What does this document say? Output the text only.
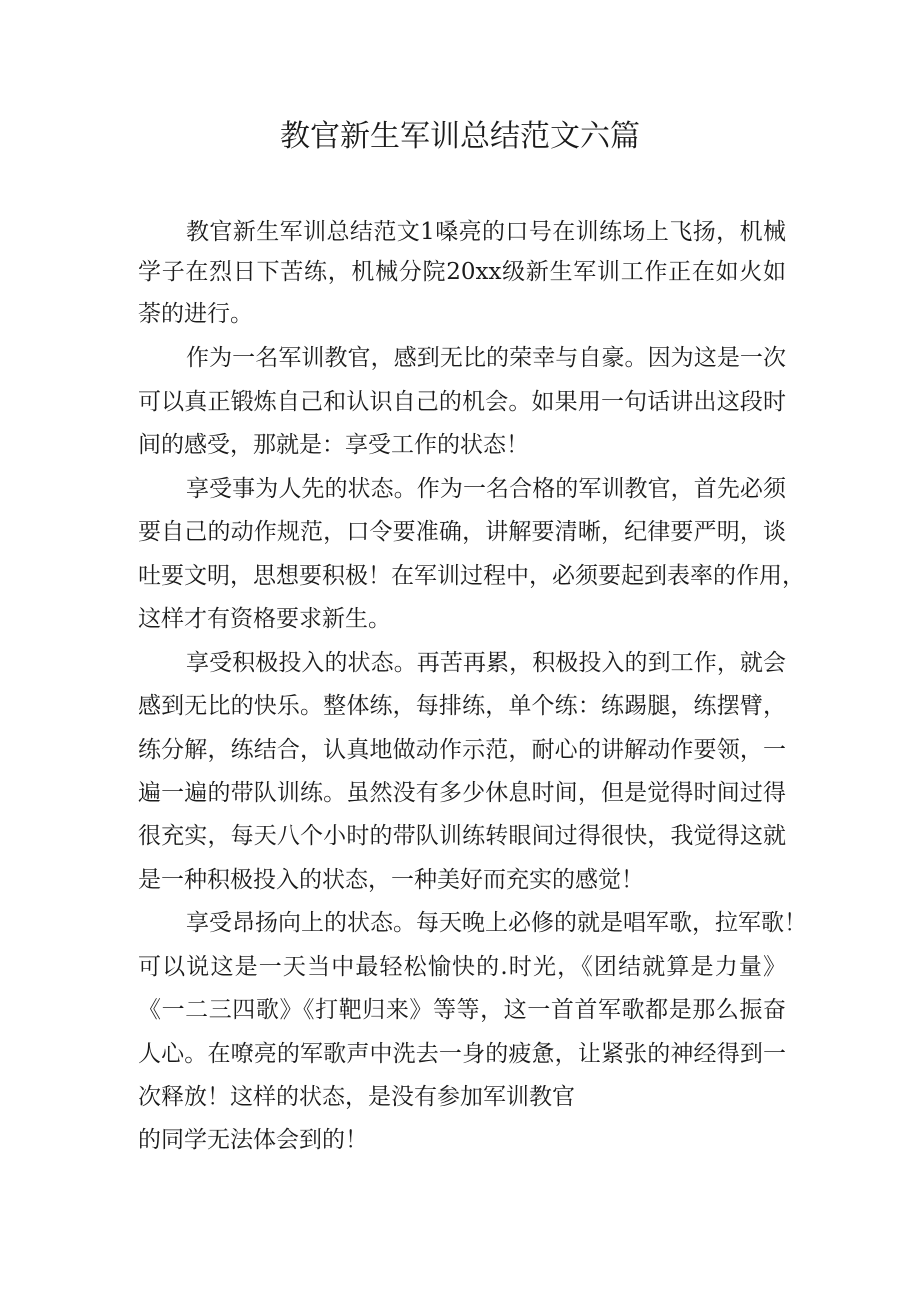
教官新生军训总结范文六篇
教官新生军训总结范文1嗓亮的口号在训练场上飞扬，机械
学子在烈日下苦练，机械分院20xx级新生军训工作正在如火如
荼的进行。
作为一名军训教官，感到无比的荣幸与自豪。因为这是一次
可以真正锻炼自己和认识自己的机会。如果用一句话讲出这段时
间的感受，那就是：享受工作的状态！
享受事为人先的状态。作为一名合格的军训教官，首先必须
要自己的动作规范，口令要准确，讲解要清晰，纪律要严明，谈
吐要文明，思想要积极！在军训过程中，必须要起到表率的作用，
这样才有资格要求新生。
享受积极投入的状态。再苦再累，积极投入的到工作，就会
感到无比的快乐。整体练，每排练，单个练：练踢腿，练摆臂，
练分解，练结合，认真地做动作示范，耐心的讲解动作要领，一
遍一遍的带队训练。虽然没有多少休息时间，但是觉得时间过得
很充实，每天八个小时的带队训练转眼间过得很快，我觉得这就
是一种积极投入的状态，一种美好而充实的感觉！
享受昂扬向上的状态。每天晚上必修的就是唱军歌，拉军歌！
可以说这是一天当中最轻松愉快的.时光，《团结就算是力量》
《一二三四歌》《打靶归来》等等，这一首首军歌都是那么振奋
人心。在嘹亮的军歌声中洗去一身的疲惫，让紧张的神经得到一
次释放！这样的状态，是没有参加军训教官
的同学无法体会到的！
